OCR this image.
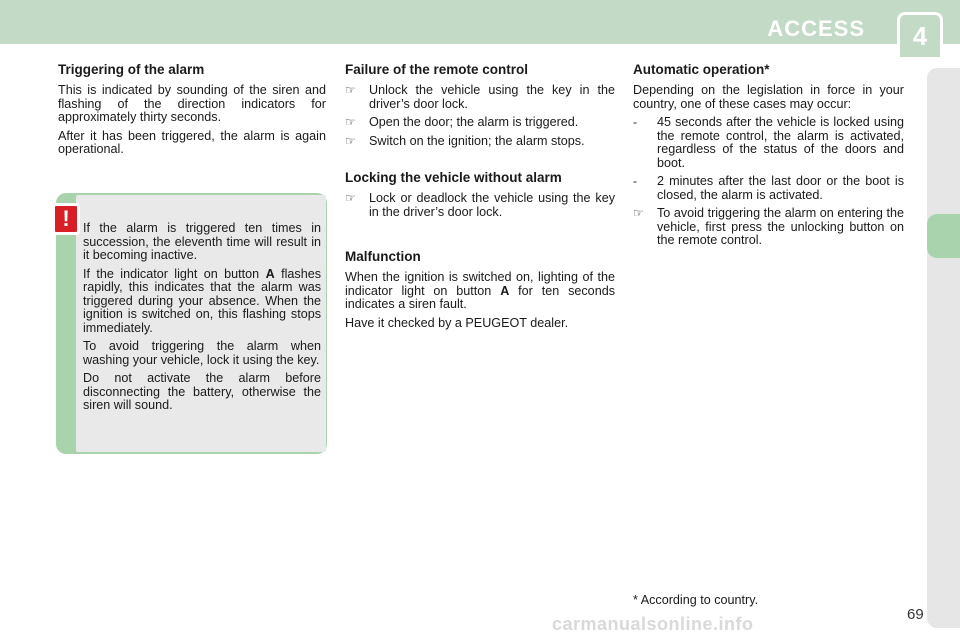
ACCESS	4
Triggering of the alarm

This is indicated by sounding of the siren and flashing of the direction indicators for approximately thirty seconds.

After it has been triggered, the alarm is again operational.

!	If the alarm is triggered ten times in succession, the eleventh time will result in it becoming inactive.

If the indicator light on button A flashes rapidly, this indicates that the alarm was triggered during your absence. When the ignition is switched on, this flashing stops immediately.

To avoid triggering the alarm when washing your vehicle, lock it using the key.

Do not activate the alarm before disconnecting the battery, otherwise the siren will sound.

Failure of the remote control
☞	Unlock the vehicle using the key in the driver’s door lock.
☞	Open the door; the alarm is triggered.
☞	Switch on the ignition; the alarm stops.
Locking the vehicle without alarm
☞	Lock or deadlock the vehicle using the key in the driver’s door lock.
Malfunction

When the ignition is switched on, lighting of the indicator light on button A for ten seconds indicates a siren fault.

Have it checked by a PEUGEOT dealer.

Automatic operation*

Depending on the legislation in force in your country, one of these cases may occur:

-	45 seconds after the vehicle is locked using the remote control, the alarm is activated, regardless of the status of the doors and boot.
-	2 minutes after the last door or the boot is closed, the alarm is activated.
☞	To avoid triggering the alarm on entering the vehicle, first press the unlocking button on the remote control.
* According to country.
carmanualsonline.info	69
